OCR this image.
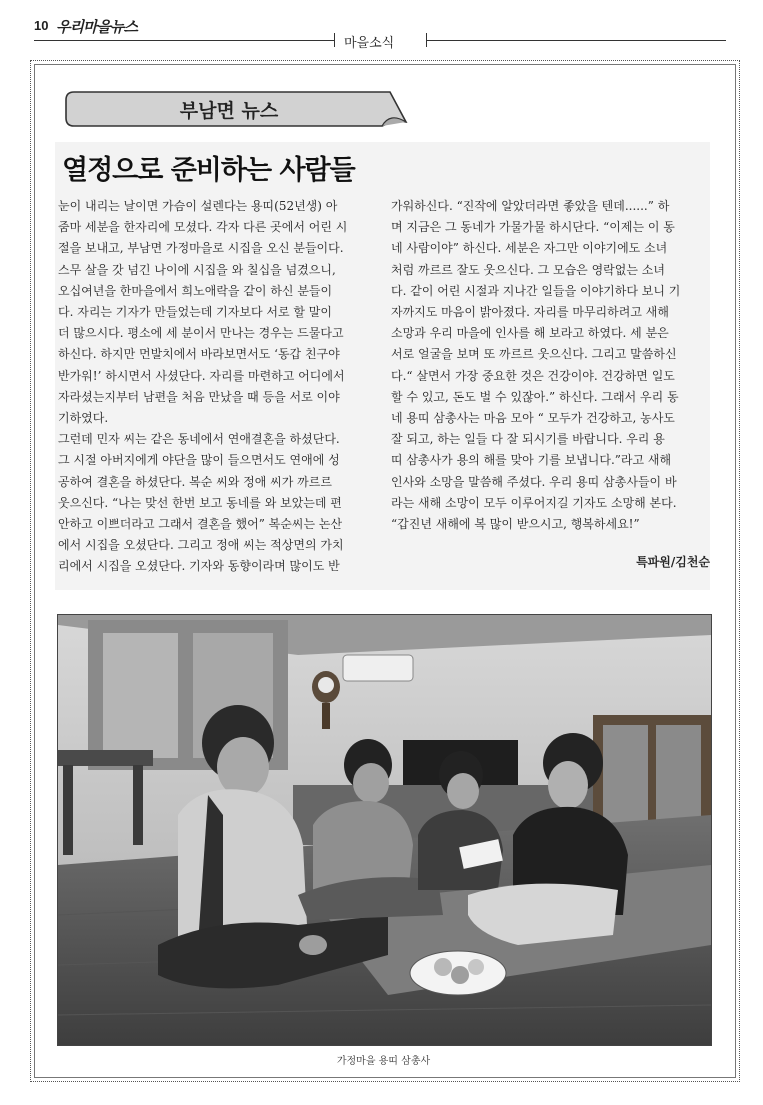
10 우리마을뉴스
마을소식
부남면 뉴스
열정으로 준비하는 사람들
눈이 내리는 날이면 가슴이 설렌다는 용띠(52년생) 아
줌마 세분을 한자리에 모셨다. 각자 다른 곳에서 어린 시
절을 보내고, 부남면 가정마을로 시집을 오신 분들이다.
스무 살을 갓 넘긴 나이에 시집을 와 칠십을 넘겼으니,
오십여년을 한마을에서 희노애락을 같이 하신 분들이
다. 자리는 기자가 만들었는데 기자보다 서로 할 말이
더 많으시다. 평소에 세 분이서 만나는 경우는 드물다고
하신다. 하지만 먼발치에서 바라보면서도 ‘동갑 친구야
반가워!’ 하시면서 사셨단다. 자리를 마련하고 어디에서
자라셨는지부터 남편을 처음 만났을 때 등을 서로 이야
기하였다.
그런데 민자 씨는 같은 동네에서 연애결혼을 하셨단다.
그 시절 아버지에게 야단을 많이 들으면서도 연애에 성
공하여 결혼을 하셨단다. 복순 씨와 정애 씨가 까르르
웃으신다. “나는 맞선 한번 보고 동네를 와 보았는데 편
안하고 이쁘더라고 그래서 결혼을 했어” 복순씨는 논산
에서 시집을 오셨단다. 그리고 정애 씨는 적상면의 가치
리에서 시집을 오셨단다. 기자와 동향이라며 많이도 반
가워하신다. “진작에 알았더라면 좋았을 텐데......” 하
며 지금은 그 동네가 가물가물 하시단다. “이제는 이 동
네 사람이야” 하신다. 세분은 자그만 이야기에도 소녀
처럼 까르르 잘도 웃으신다. 그 모습은 영락없는 소녀
다. 같이 어린 시절과 지나간 일들을 이야기하다 보니 기
자까지도 마음이 밝아졌다. 자리를 마무리하려고 새해
소망과 우리 마을에 인사를 해 보라고 하였다. 세 분은
서로 얼굴을 보며 또 까르르 웃으신다. 그리고 말씀하신
다.“ 살면서 가장 중요한 것은 건강이야. 건강하면 일도
할 수 있고, 돈도 벌 수 있잖아.” 하신다. 그래서 우리 동
네 용띠 삼총사는 마음 모아 “ 모두가 건강하고, 농사도
잘 되고, 하는 일들 다 잘 되시기를 바랍니다. 우리 용
띠 삼총사가 용의 해를 맞아 기를 보냅니다.”라고 새해
인사와 소망을 말씀해 주셨다. 우리 용띠 삼총사들이 바
라는 새해 소망이 모두 이루어지길 기자도 소망해 본다.
“갑진년 새해에 복 많이 받으시고, 행복하세요!”
특파원/김천순
가정마을 용띠 삼총사
